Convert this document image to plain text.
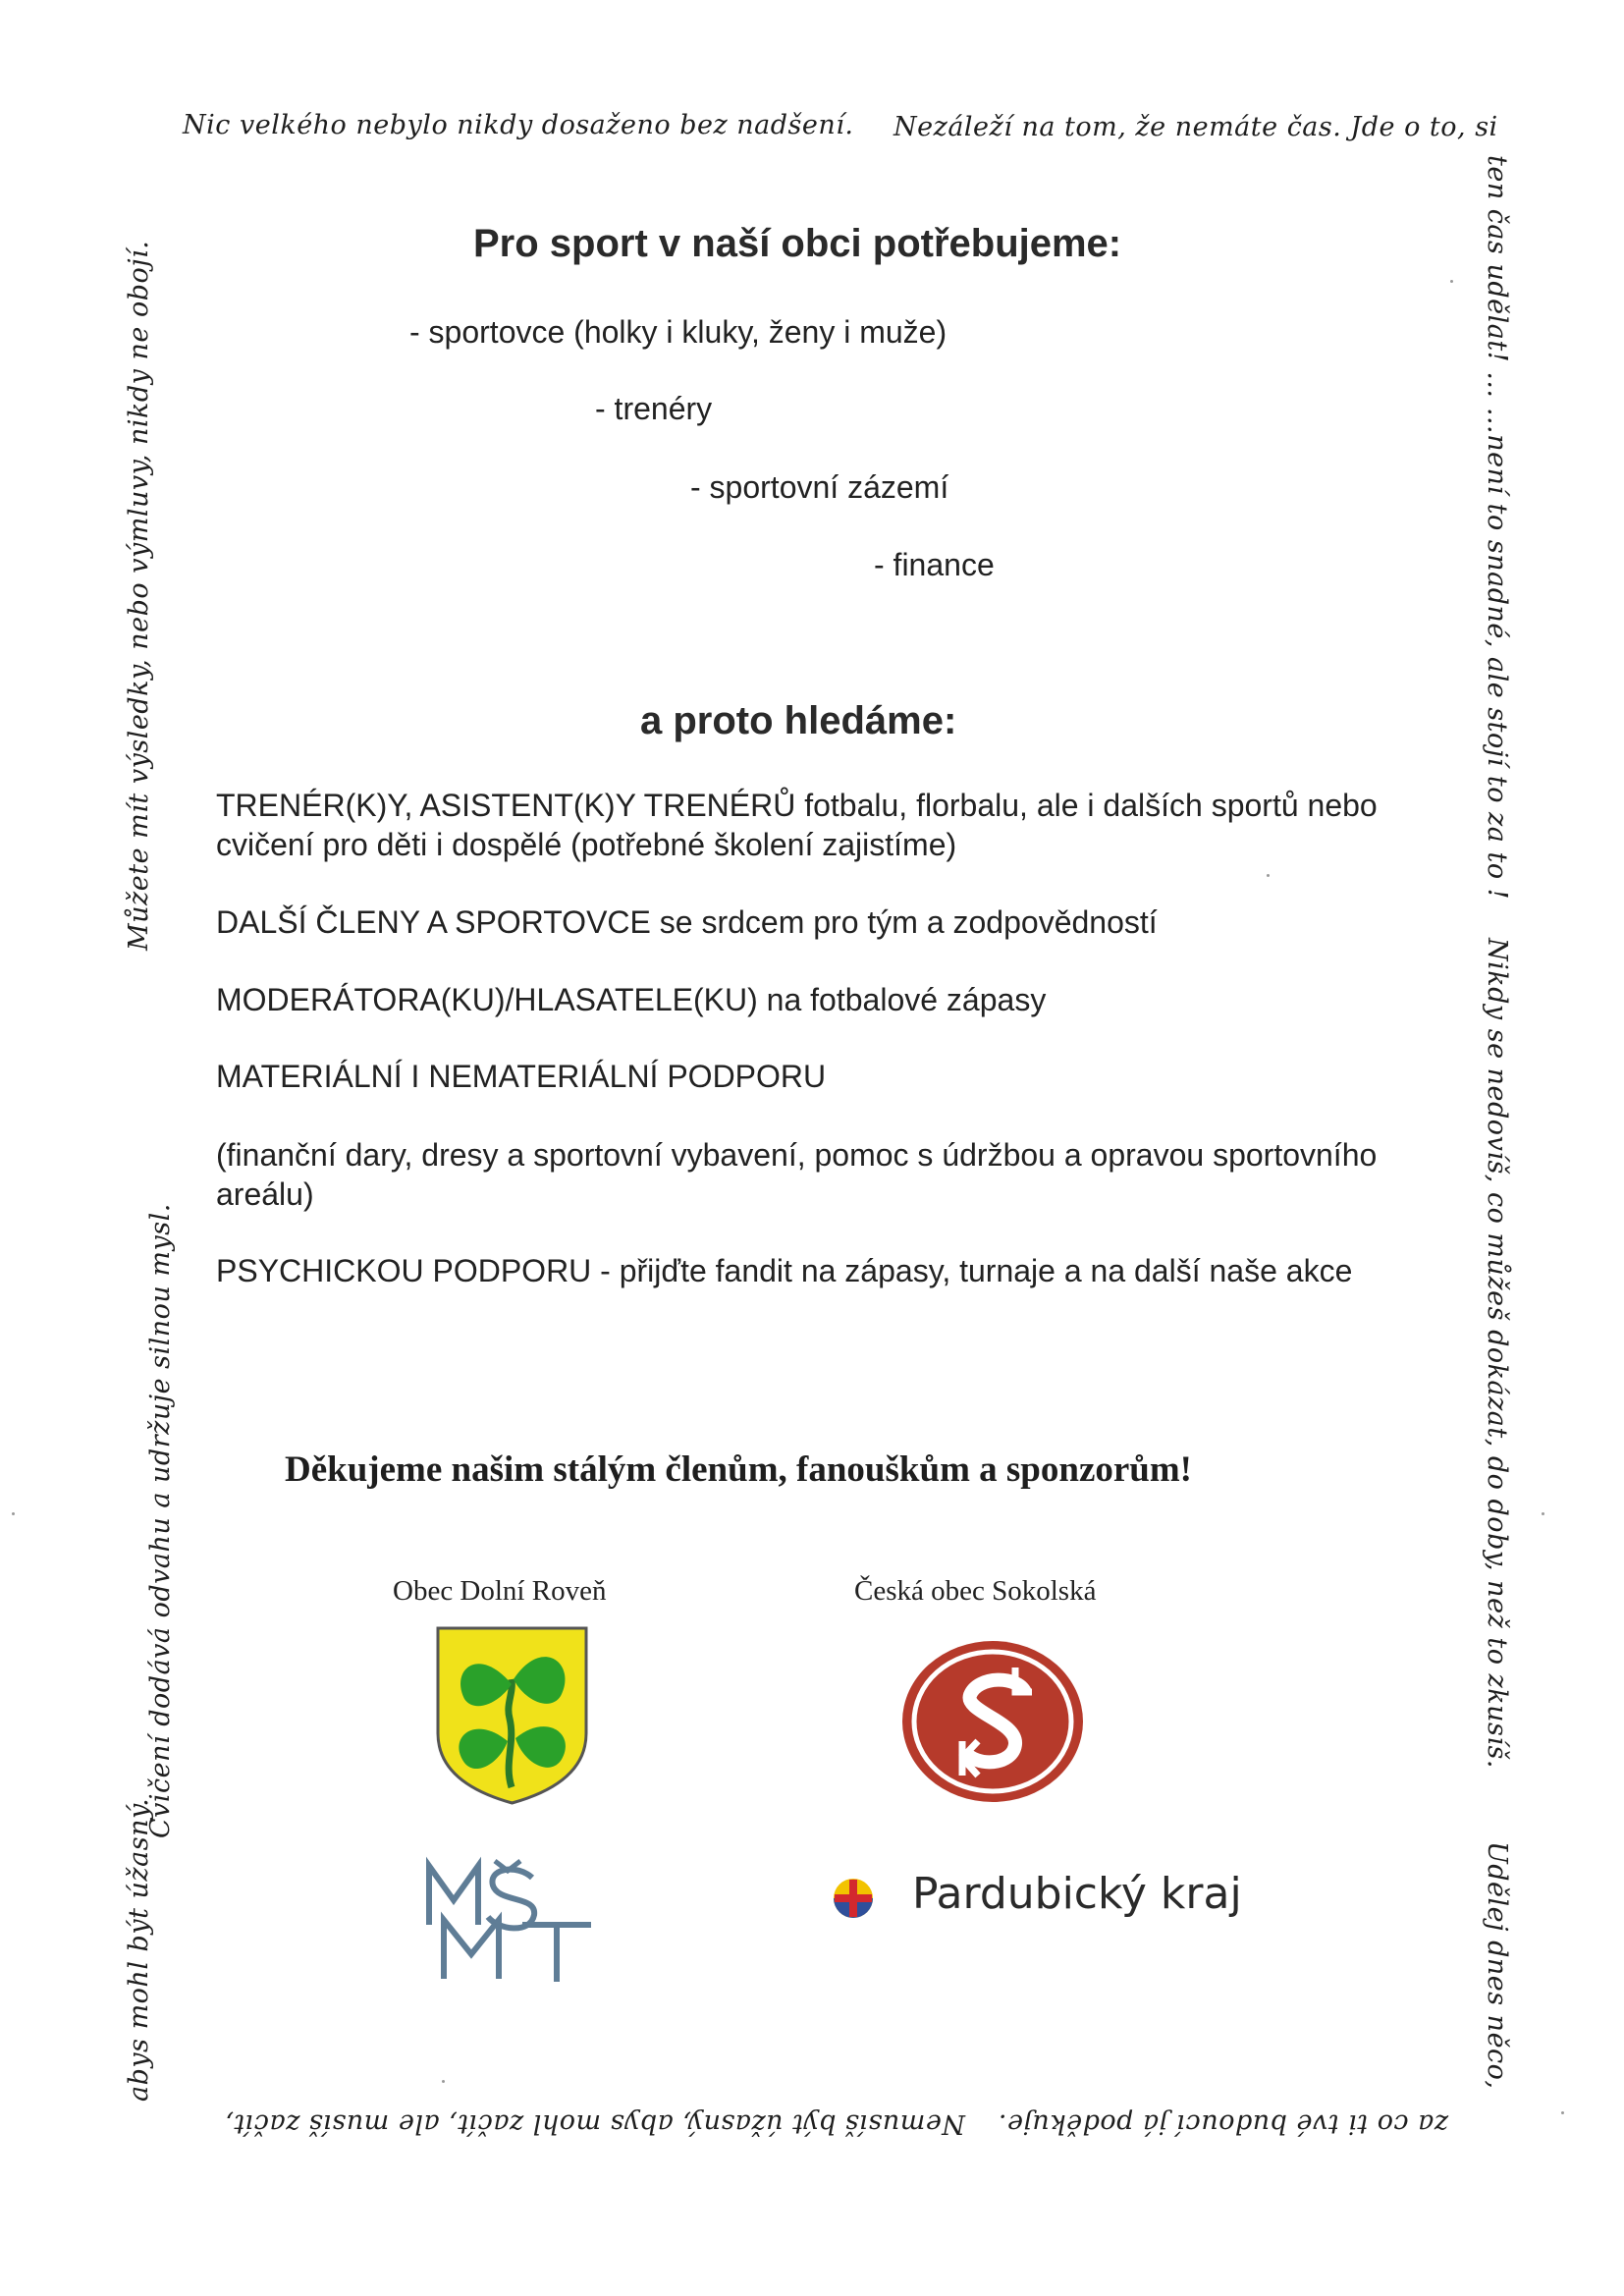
Nic velkého nebylo nikdy dosaženo bez nadšení. Nezáleží na tom, že nemáte čas. Jde o to, si
ten čas udělat! … …není to snadné, ale stojí to za to !
Nikdy se nedovíš, co můžeš dokázat, do doby, než to zkusíš.
Udělej dnes něco,
za co ti tvé budoucí já poděkuje.
Nemusíš být úžasný, abys mohl začít, ale musíš začít,
abys mohl být úžasný.
Cvičení dodává odvahu a udržuje silnou mysl.
Můžete mít výsledky, nebo výmluvy, nikdy ne obojí.	Pro sport v naší obci potřebujeme:
- sportovce (holky i kluky, ženy i muže)
- trenéry
- sportovní zázemí
- finance
a proto hledáme:
TRENÉR(K)Y, ASISTENT(K)Y TRENÉRŮ fotbalu, florbalu, ale i dalších sportů nebo cvičení pro děti i dospělé (potřebné školení zajistíme)
DALŠÍ ČLENY A SPORTOVCE se srdcem pro tým a zodpovědností
MODERÁTORA(KU)/HLASATELE(KU) na fotbalové zápasy
MATERIÁLNÍ I NEMATERIÁLNÍ PODPORU
(finanční dary, dresy a sportovní vybavení, pomoc s údržbou a opravou sportovního areálu)
PSYCHICKOU PODPORU - přijďte fandit na zápasy, turnaje a na další naše akce
Děkujeme našim stálým členům, fanouškům a sponzorům!
Obec Dolní Roveň	Česká obec Sokolská
Pardubický kraj
